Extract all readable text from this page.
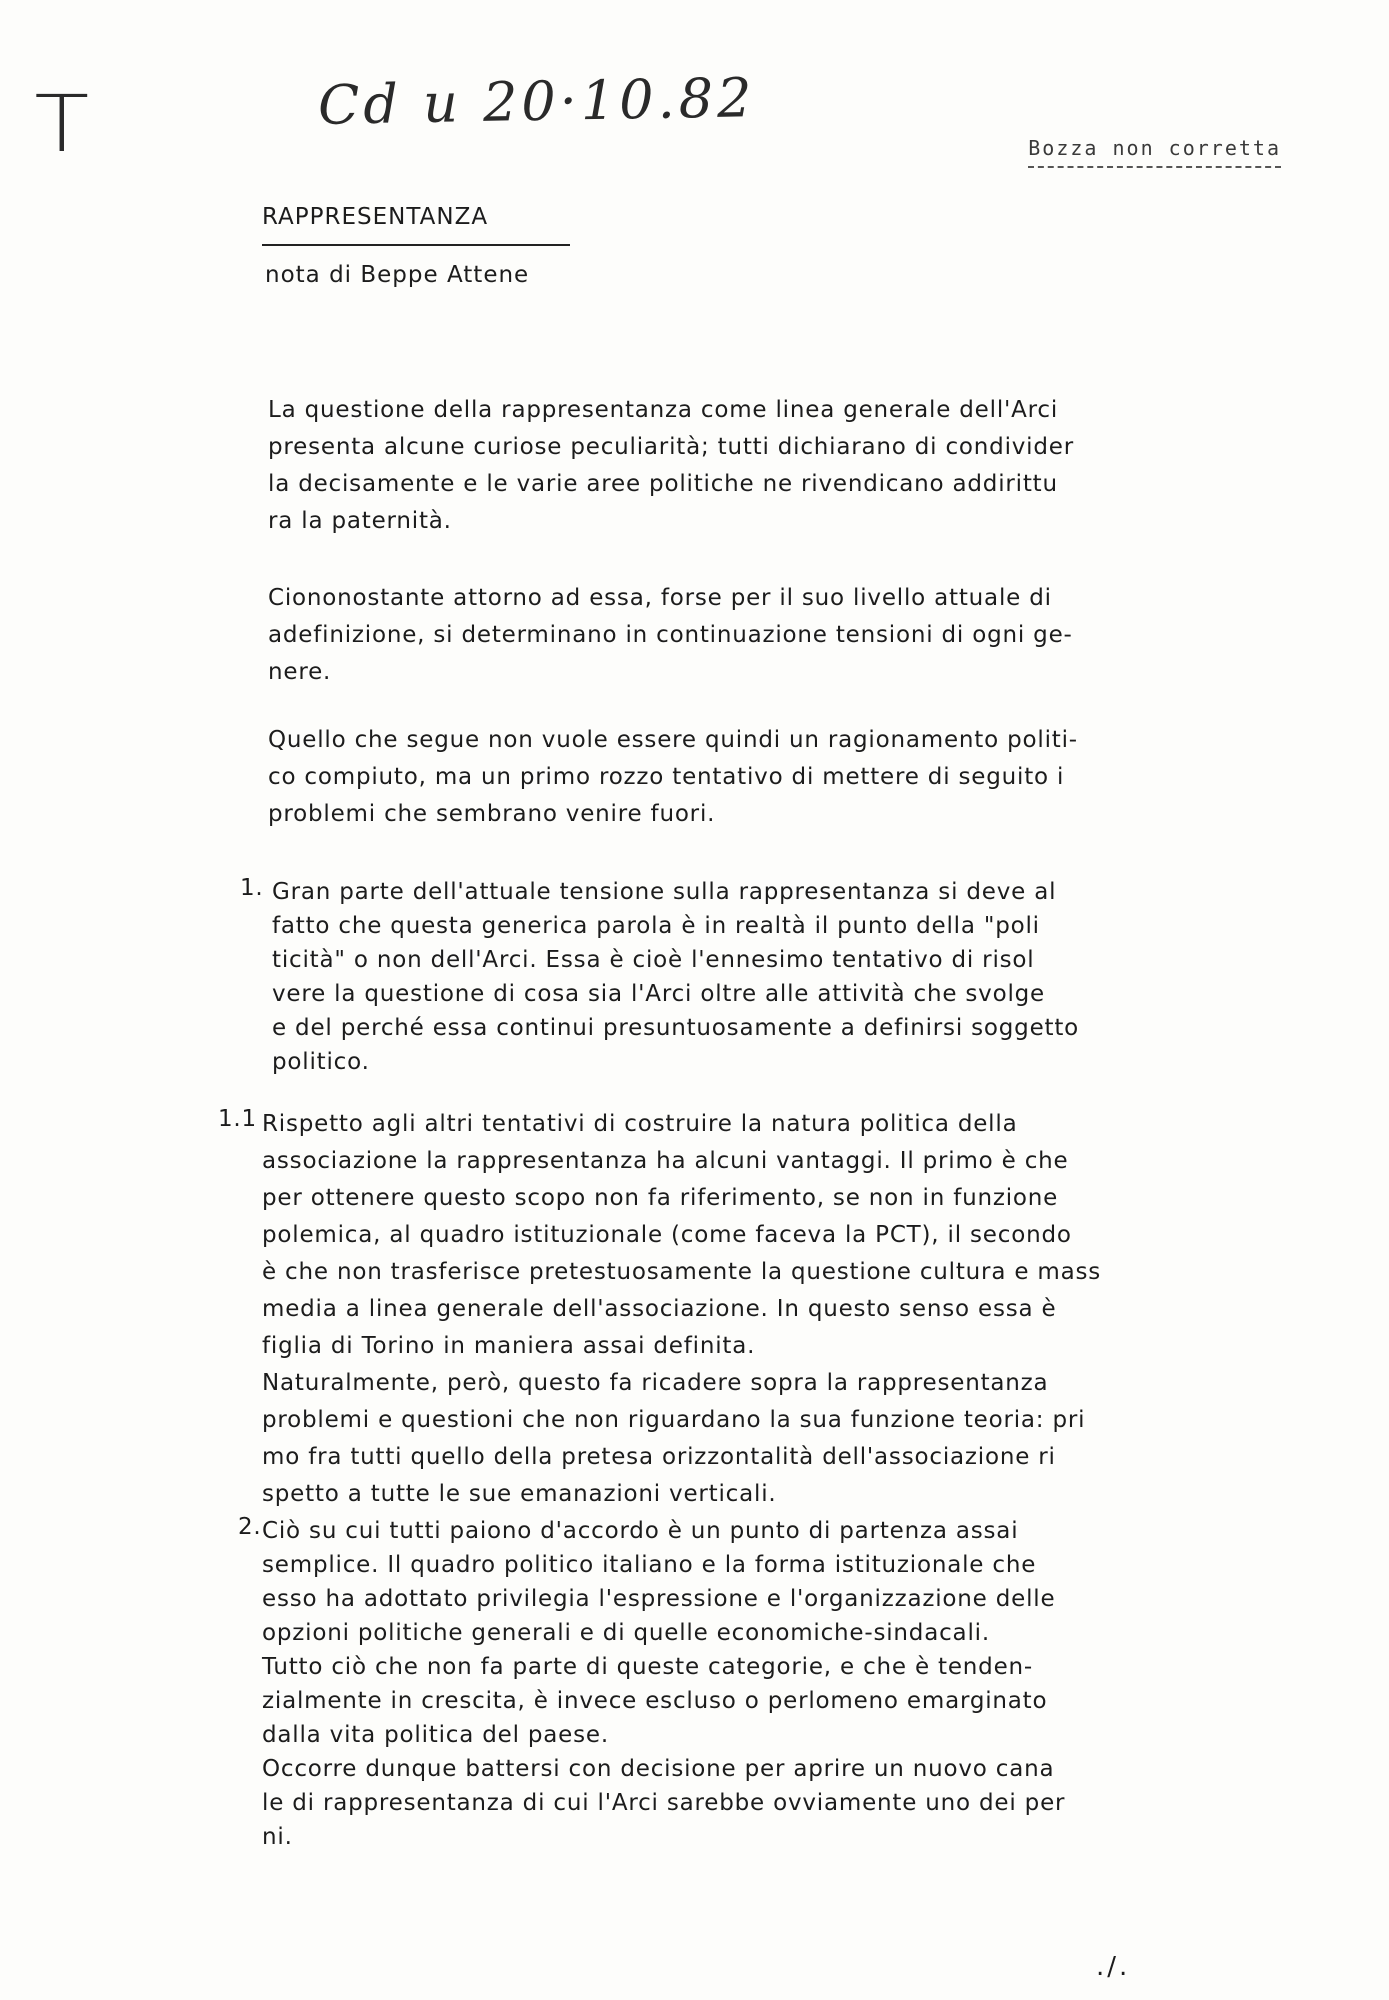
T	Cd u 20·10.82
Bozza non corretta
RAPPRESENTANZA
nota di Beppe Attene

La questione della rappresentanza come linea generale dell'Arci
presenta alcune curiose peculiarità; tutti dichiarano di condivider
la decisamente e le varie aree politiche ne rivendicano addirittu
ra la paternità.

Ciononostante attorno ad essa, forse per il suo livello attuale di
adefinizione, si determinano in continuazione tensioni di ogni ge-
nere.

Quello che segue non vuole essere quindi un ragionamento politi-
co compiuto, ma un primo rozzo tentativo di mettere di seguito i
problemi che sembrano venire fuori.

1. Gran parte dell'attuale tensione sulla rappresentanza si deve al
fatto che questa generica parola è in realtà il punto della "poli
ticità" o non dell'Arci. Essa è cioè l'ennesimo tentativo di risol
vere la questione di cosa sia l'Arci oltre alle attività che svolge
e del perché essa continui presuntuosamente a definirsi soggetto
politico.
1.1 Rispetto agli altri tentativi di costruire la natura politica della
associazione la rappresentanza ha alcuni vantaggi. Il primo è che
per ottenere questo scopo non fa riferimento, se non in funzione
polemica, al quadro istituzionale (come faceva la PCT), il secondo
è che non trasferisce pretestuosamente la questione cultura e mass
media a linea generale dell'associazione. In questo senso essa è
figlia di Torino in maniera assai definita.
Naturalmente, però, questo fa ricadere sopra la rappresentanza
problemi e questioni che non riguardano la sua funzione teoria: pri
mo fra tutti quello della pretesa orizzontalità dell'associazione ri
spetto a tutte le sue emanazioni verticali.
2. Ciò su cui tutti paiono d'accordo è un punto di partenza assai
semplice. Il quadro politico italiano e la forma istituzionale che
esso ha adottato privilegia l'espressione e l'organizzazione delle
opzioni politiche generali e di quelle economiche-sindacali.
Tutto ciò che non fa parte di queste categorie, e che è tenden-
zialmente in crescita, è invece escluso o perlomeno emarginato
dalla vita politica del paese.
Occorre dunque battersi con decisione per aprire un nuovo cana
le di rappresentanza di cui l'Arci sarebbe ovviamente uno dei per
ni.
./.
